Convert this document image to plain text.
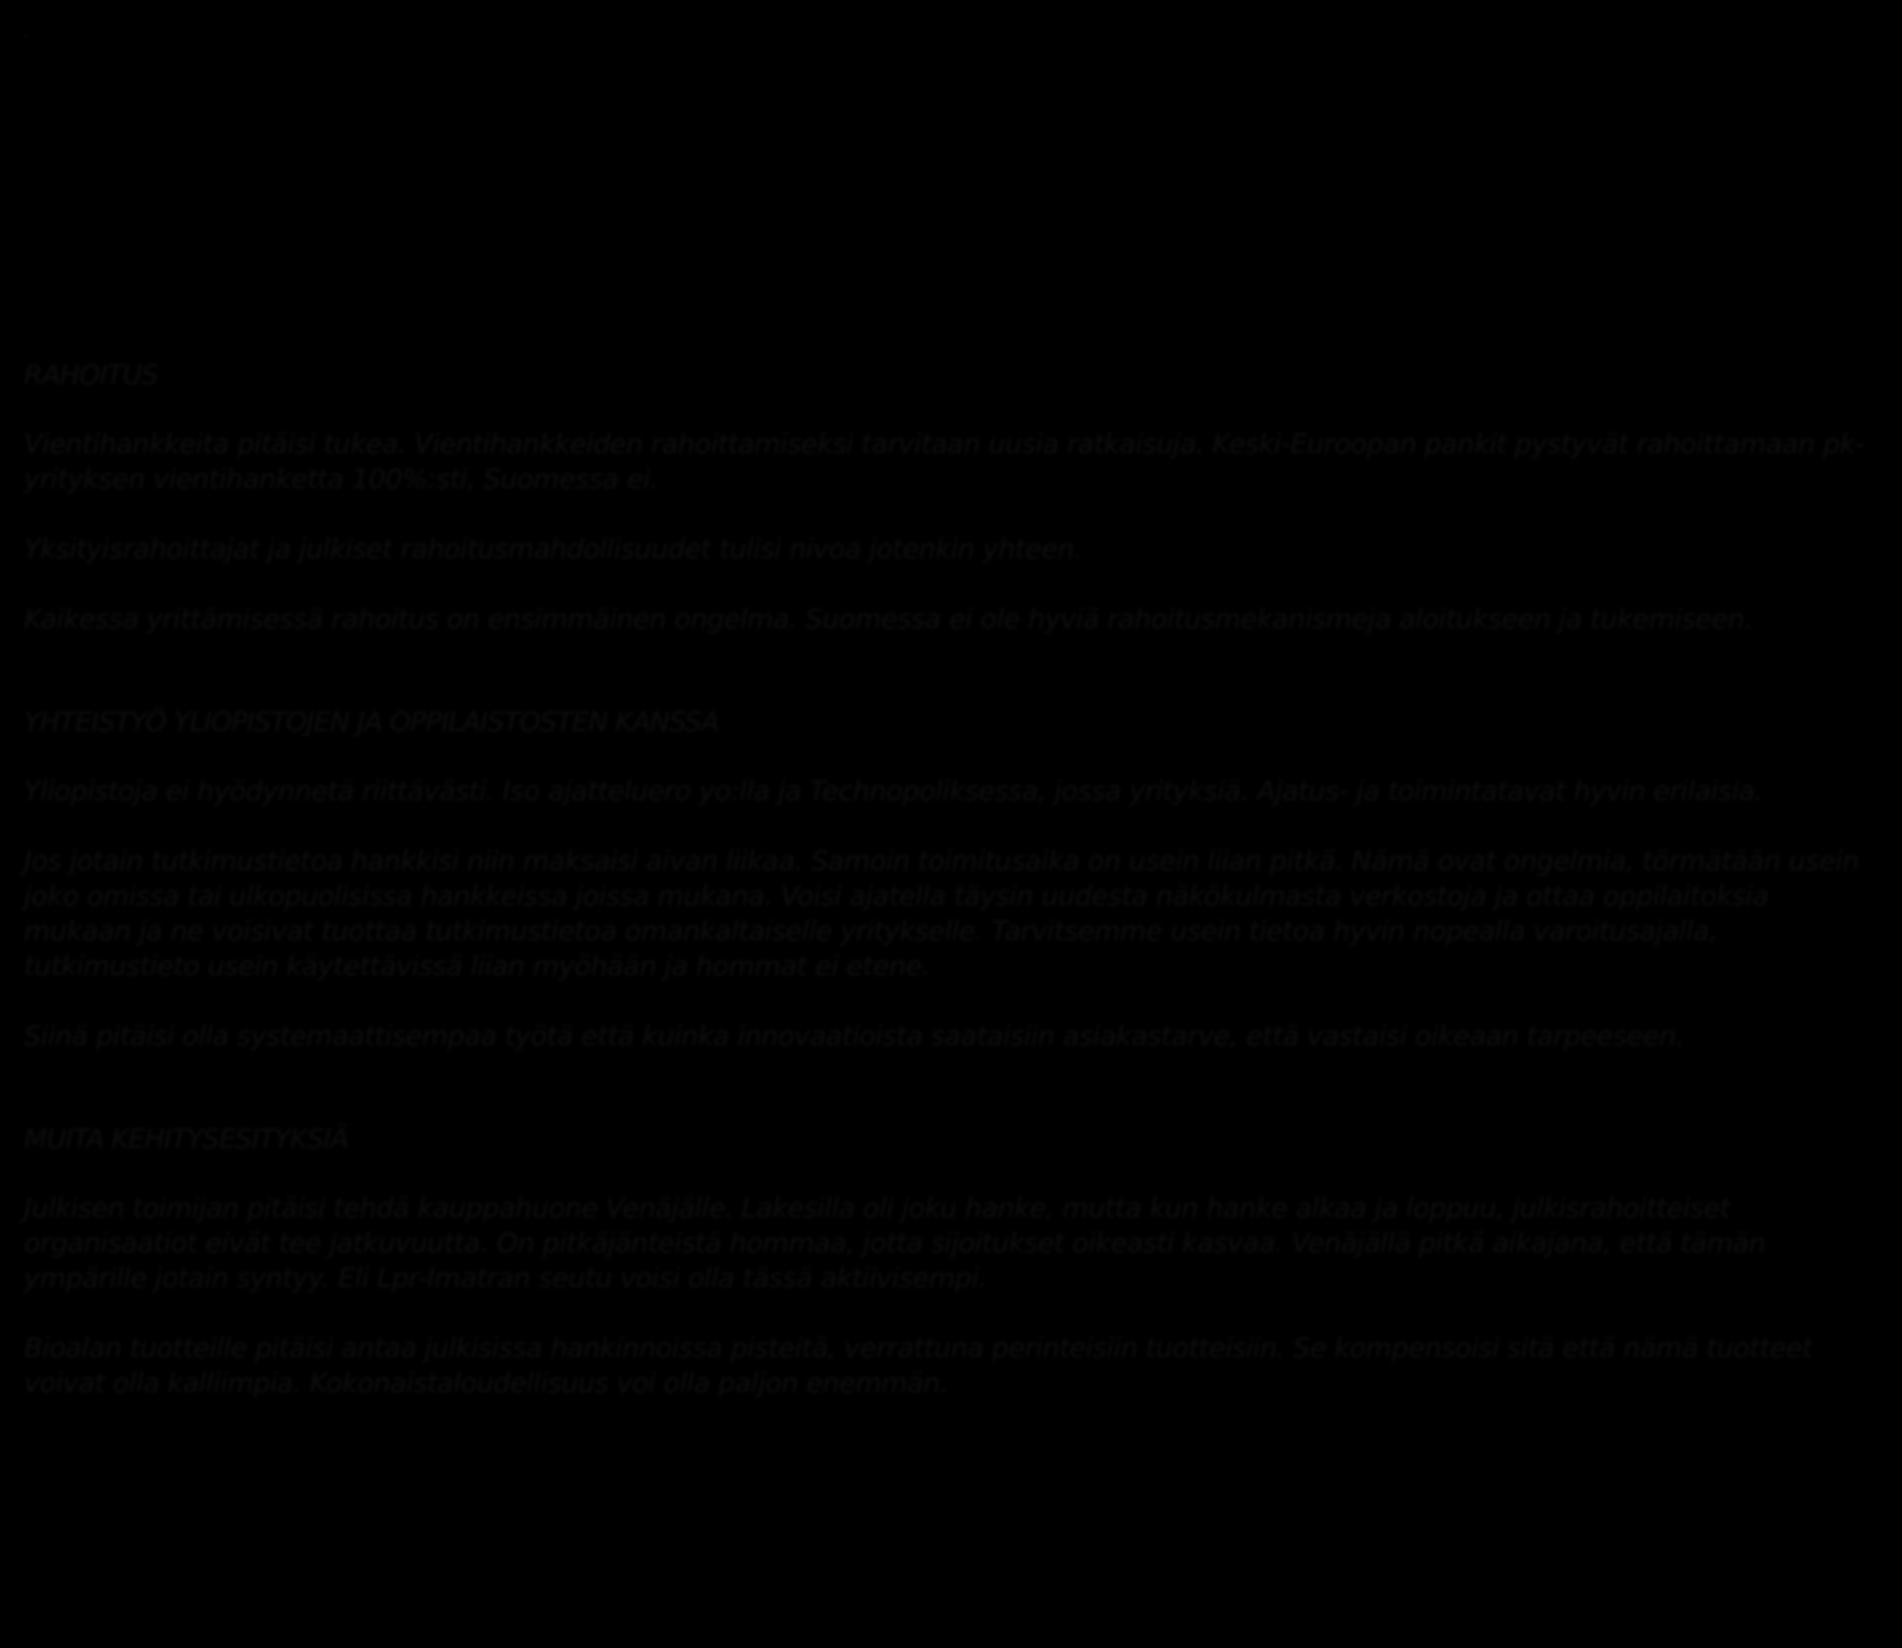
·
RAHOITUS

Vientihankkeita pitäisi tukea. Vientihankkeiden rahoittamiseksi tarvitaan uusia ratkaisuja. Keski-Euroopan pankit pystyvät rahoittamaan pk-yrityksen vientihanketta 100%:sti, Suomessa ei.

Yksityisrahoittajat ja julkiset rahoitusmahdollisuudet tulisi nivoa jotenkin yhteen.

Kaikessa yrittämisessä rahoitus on ensimmäinen ongelma. Suomessa ei ole hyviä rahoitusmekanismeja aloitukseen ja tukemiseen.

YHTEISTYÖ YLIOPISTOJEN JA OPPILAISTOSTEN KANSSA

Yliopistoja ei hyödynnetä riittävästi. Iso ajatteluero yo:lla ja Technopoliksessa, jossa yrityksiä. Ajatus- ja toimintatavat hyvin erilaisia.

Jos jotain tutkimustietoa hankkisi niin maksaisi aivan liikaa. Samoin toimitusaika on usein liian pitkä. Nämä ovat ongelmia, törmätään usein joko omissa tai ulkopuolisissa hankkeissa joissa mukana. Voisi ajatella täysin uudesta näkökulmasta verkostoja ja ottaa oppilaitoksia mukaan ja ne voisivat tuottaa tutkimustietoa omankaltaiselle yritykselle. Tarvitsemme usein tietoa hyvin nopealla varoitusajalla, tutkimustieto usein käytettävissä liian myöhään ja hommat ei etene.

Siinä pitäisi olla systemaattisempaa työtä että kuinka innovaatioista saataisiin asiakastarve, että vastaisi oikeaan tarpeeseen.

MUITA KEHITYSESITYKSIÄ

Julkisen toimijan pitäisi tehdä kauppahuone Venäjälle. Lakesilla oli joku hanke, mutta kun hanke alkaa ja loppuu, julkisrahoitteiset organisaatiot eivät tee jatkuvuutta. On pitkäjänteistä hommaa, jotta sijoitukset oikeasti kasvaa. Venäjällä pitkä aikajana, että tämän ympärille jotain syntyy. Eli Lpr-Imatran seutu voisi olla tässä aktiivisempi.

Bioalan tuotteille pitäisi antaa julkisissa hankinnoissa pisteitä, verrattuna perinteisiin tuotteisiin. Se kompensoisi sitä että nämä tuotteet voivat olla kalliimpia. Kokonaistaloudellisuus voi olla paljon enemmän.
